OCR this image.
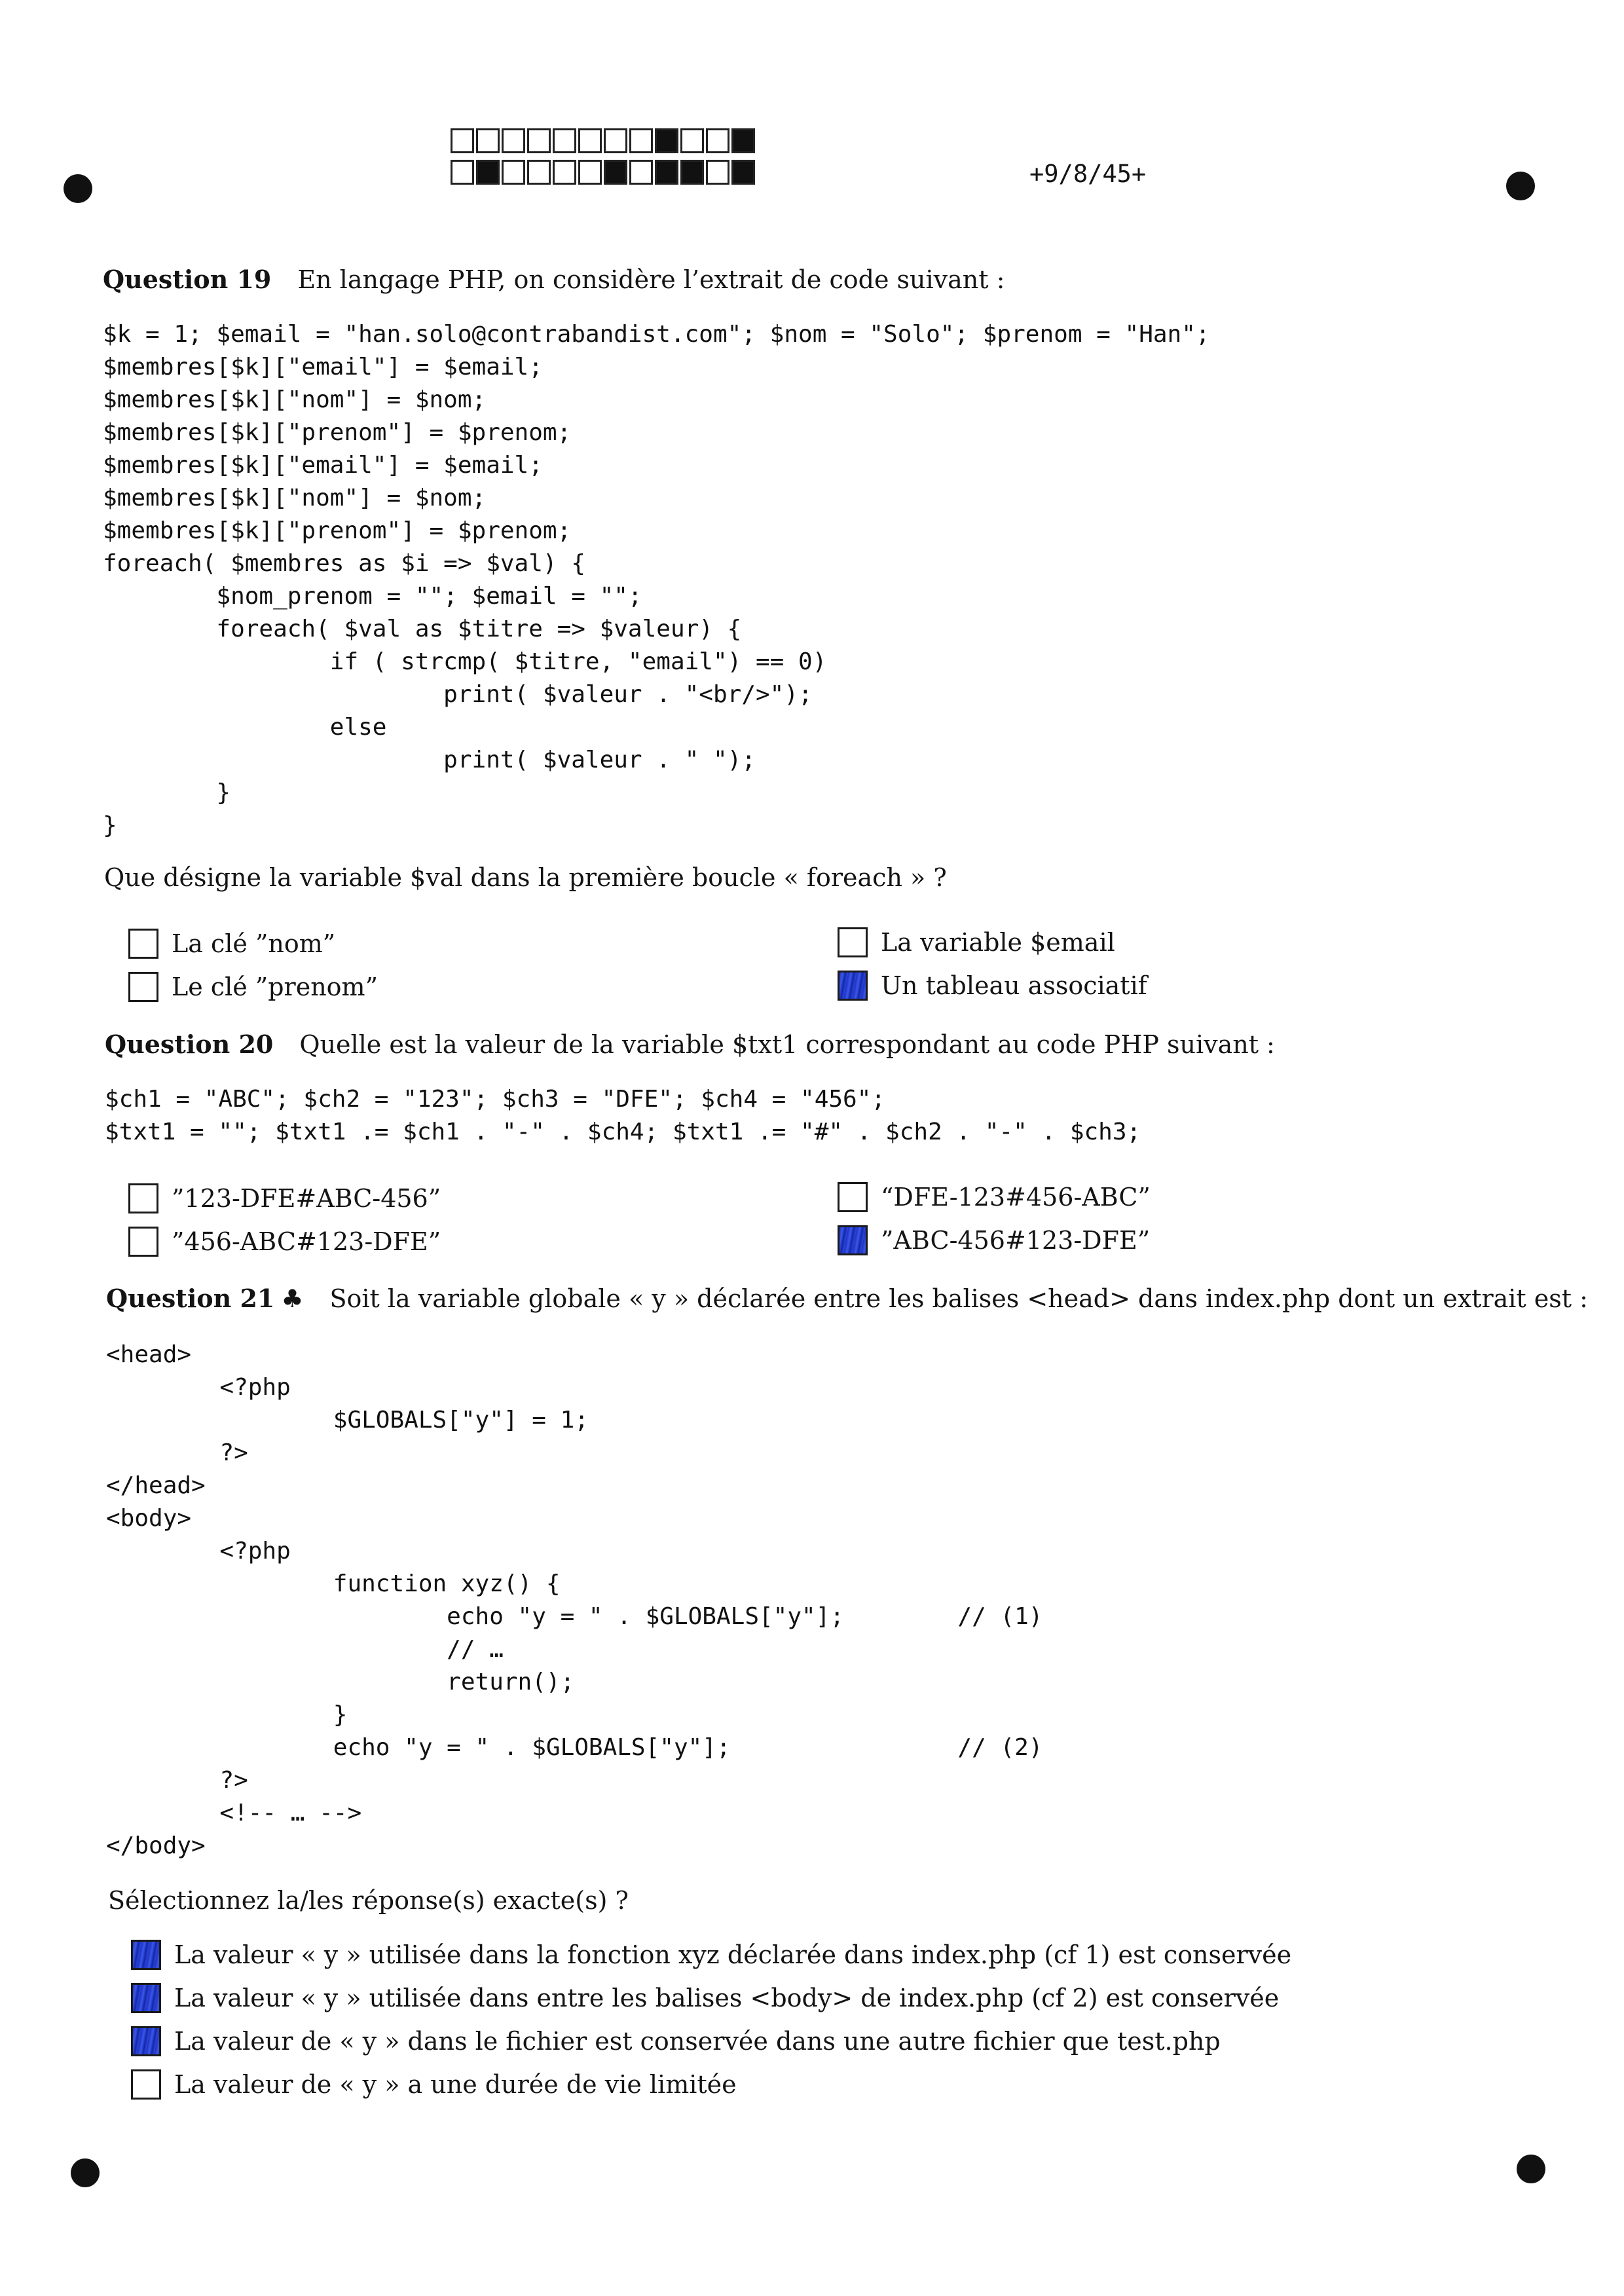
+9/8/45+
Question 19 En langage PHP, on considère l’extrait de code suivant :
$k = 1; $email = "han.solo@contrabandist.com"; $nom = "Solo"; $prenom = "Han";
$membres[$k]["email"] = $email;
$membres[$k]["nom"] = $nom;
$membres[$k]["prenom"] = $prenom;
$membres[$k]["email"] = $email;
$membres[$k]["nom"] = $nom;
$membres[$k]["prenom"] = $prenom;
foreach( $membres as $i => $val) {
$nom_prenom = ""; $email = "";
foreach( $val as $titre => $valeur) {
if ( strcmp( $titre, "email") == 0)
print( $valeur . "<br/>");
else
print( $valeur . " ");
}
}
Que désigne la variable $val dans la première boucle « foreach » ?
La clé ”nom”	La variable $email
Le clé ”prenom”	Un tableau associatif
Question 20 Quelle est la valeur de la variable $txt1 correspondant au code PHP suivant :
$ch1 = "ABC"; $ch2 = "123"; $ch3 = "DFE"; $ch4 = "456";
$txt1 = ""; $txt1 .= $ch1 . "-" . $ch4; $txt1 .= "#" . $ch2 . "-" . $ch3;
”123-DFE#ABC-456”	“DFE-123#456-ABC”
”456-ABC#123-DFE”	”ABC-456#123-DFE”
Question 21 ♣ Soit la variable globale « y » déclarée entre les balises <head> dans index.php dont un extrait est :
<head>
<?php
$GLOBALS["y"] = 1;
?>
</head>
<body>
<?php
function xyz() {
echo "y = " . $GLOBALS["y"];        // (1)
// …
return();
}
echo "y = " . $GLOBALS["y"];                // (2)
?>
<!-- … -->
</body>
Sélectionnez la/les réponse(s) exacte(s) ?
La valeur « y » utilisée dans la fonction xyz déclarée dans index.php (cf 1) est conservée
La valeur « y » utilisée dans entre les balises <body> de index.php (cf 2) est conservée
La valeur de « y » dans le fichier est conservée dans une autre fichier que test.php
La valeur de « y » a une durée de vie limitée
